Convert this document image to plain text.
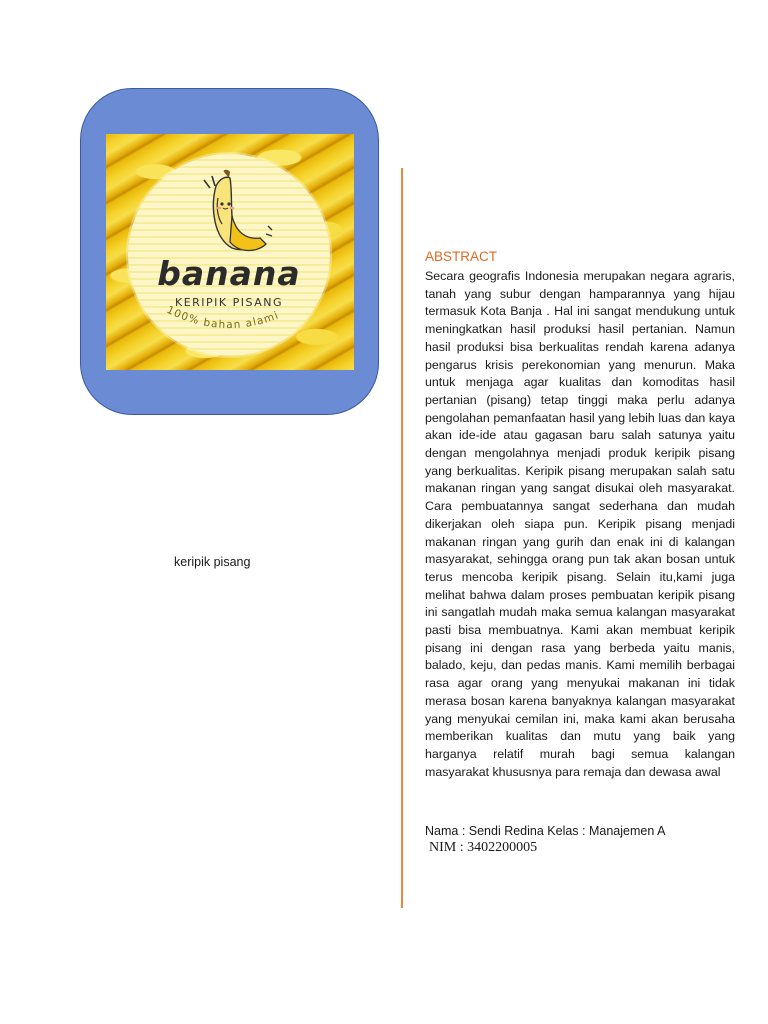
banana
KERIPIK PISANG
100% bahan alami
keripik pisang
ABSTRACT

Secara geografis Indonesia merupakan negara agraris, tanah yang subur dengan hamparannya yang hijau termasuk Kota Banja . Hal ini sangat mendukung untuk meningkatkan hasil produksi hasil pertanian. Namun hasil produksi bisa berkualitas rendah karena adanya pengarus krisis perekonomian yang menurun. Maka untuk menjaga agar kualitas dan komoditas hasil pertanian (pisang) tetap tinggi maka perlu adanya pengolahan pemanfaatan hasil yang lebih luas dan kaya akan ide-ide atau gagasan baru salah satunya yaitu dengan mengolahnya menjadi produk keripik pisang yang berkualitas. Keripik pisang merupakan salah satu makanan ringan yang sangat disukai oleh masyarakat. Cara pembuatannya sangat sederhana dan mudah dikerjakan oleh siapa pun. Keripik pisang menjadi makanan ringan yang gurih dan enak ini di kalangan masyarakat, sehingga orang pun tak akan bosan untuk terus mencoba keripik pisang. Selain itu,kami juga melihat bahwa dalam proses pembuatan keripik pisang ini sangatlah mudah maka semua kalangan masyarakat pasti bisa membuatnya. Kami akan membuat keripik pisang ini dengan rasa yang berbeda yaitu manis, balado, keju, dan pedas manis. Kami memilih berbagai rasa agar orang yang menyukai makanan ini tidak merasa bosan karena banyaknya kalangan masyarakat yang menyukai cemilan ini, maka kami akan berusaha memberikan kualitas dan mutu yang baik yang harganya relatif murah bagi semua kalangan masyarakat khususnya para remaja dan dewasa awal

Nama : Sendi Redina Kelas : Manajemen A
NIM : 3402200005
